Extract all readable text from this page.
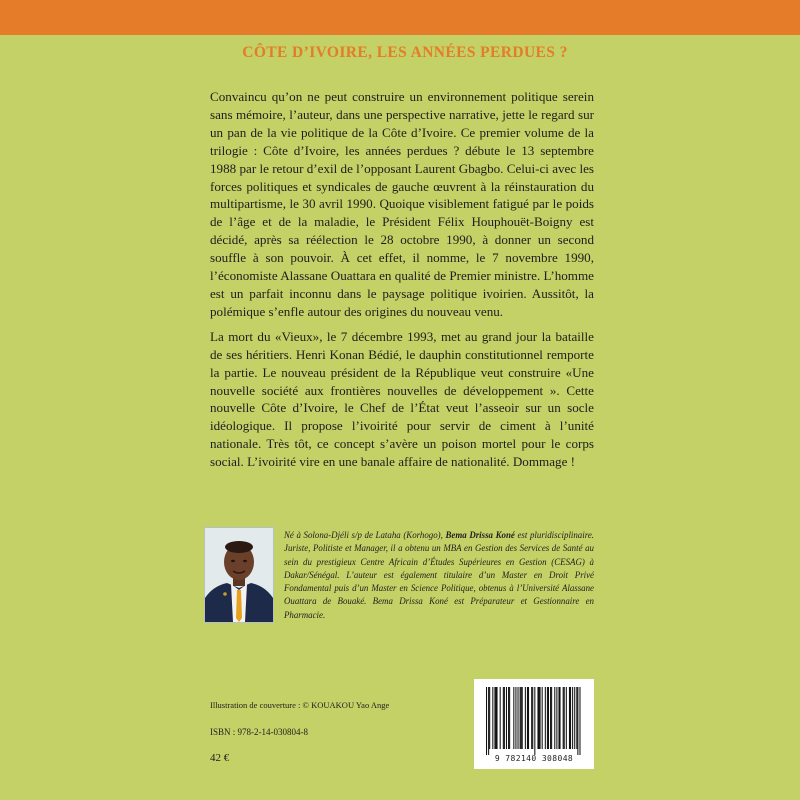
CÔTE D’IVOIRE, LES ANNÉES PERDUES ?

Convaincu qu’on ne peut construire un environnement politique serein sans mémoire, l’auteur, dans une perspective narrative, jette le regard sur un pan de la vie politique de la Côte d’Ivoire. Ce premier volume de la trilogie : Côte d’Ivoire, les années perdues ? débute le 13 septembre 1988 par le retour d’exil de l’opposant Laurent Gbagbo. Celui-ci avec les forces politiques et syndicales de gauche œuvrent à la réinstauration du multipartisme, le 30 avril 1990. Quoique visiblement fatigué par le poids de l’âge et de la maladie, le Président Félix Houphouët-Boigny est décidé, après sa réélection le 28 octobre 1990, à donner un second souffle à son pouvoir. À cet effet, il nomme, le 7 novembre 1990, l’économiste Alassane Ouattara en qualité de Premier ministre. L’homme est un parfait inconnu dans le paysage politique ivoirien. Aussitôt, la polémique s’enfle autour des origines du nouveau venu.

La mort du «Vieux», le 7 décembre 1993, met au grand jour la bataille de ses héritiers. Henri Konan Bédié, le dauphin constitutionnel remporte la partie. Le nouveau président de la République veut construire «Une nouvelle société aux frontières nouvelles de développement ». Cette nouvelle Côte d’Ivoire, le Chef de l’État veut l’asseoir sur un socle idéologique. Il propose l’ivoirité pour servir de ciment à l’unité nationale. Très tôt, ce concept s’avère un poison mortel pour le corps social. L’ivoirité vire en une banale affaire de nationalité. Dommage !

Né à Solona-Djéli s/p de Lataha (Korhogo), Bema Drissa Koné est pluridisciplinaire. Juriste, Politiste et Manager, il a obtenu un MBA en Gestion des Services de Santé au sein du prestigieux Centre Africain d’Études Supérieures en Gestion (CESAG) à Dakar/Sénégal. L’auteur est également titulaire d’un Master en Droit Privé Fondamental puis d’un Master en Science Politique, obtenus à l’Université Alassane Ouattara de Bouaké. Bema Drissa Koné est Préparateur et Gestionnaire en Pharmacie.
Illustration de couverture : © KOUAKOU Yao Ange
ISBN : 978-2-14-030804-8
42 €	9 782140 308048
